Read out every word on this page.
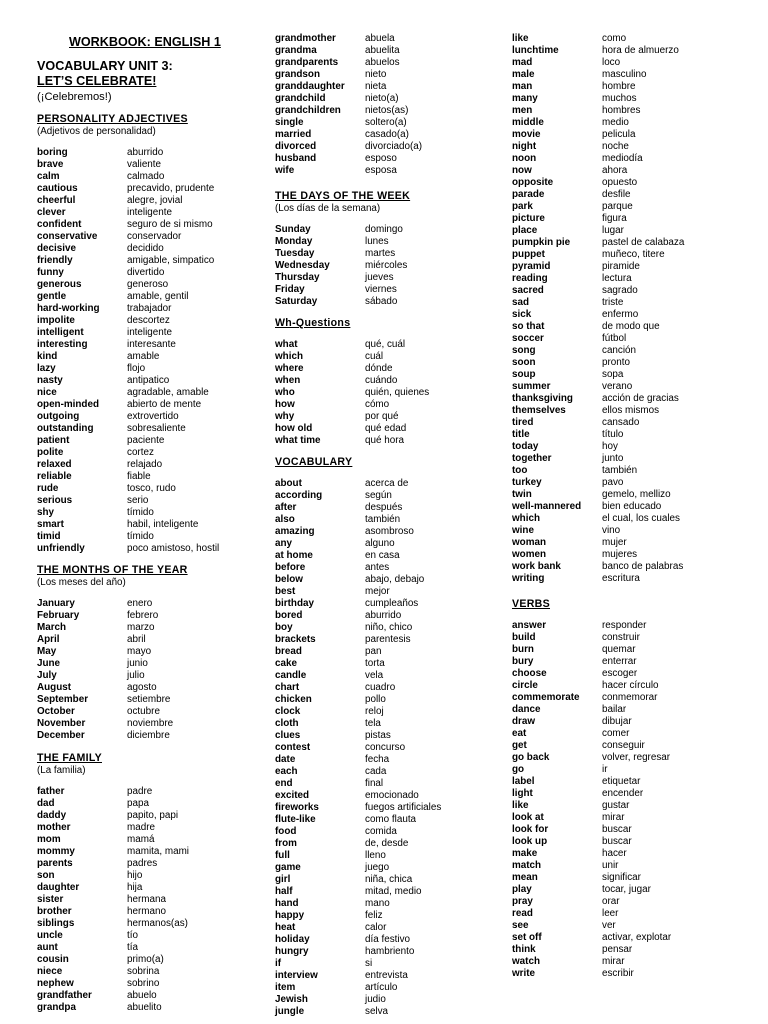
WORKBOOK: ENGLISH 1
VOCABULARY UNIT 3:
LET’S CELEBRATE!
(¡Celebremos!)
PERSONALITY ADJECTIVES
(Adjetivos de personalidad)
boring	aburrido
brave	valiente
calm	calmado
cautious	precavido, prudente
cheerful	alegre, jovial
clever	inteligente
confident	seguro de si mismo
conservative	conservador
decisive	decidido
friendly	amigable, simpatico
funny	divertido
generous	generoso
gentle	amable, gentil
hard-working	trabajador
impolite	descortez
intelligent	inteligente
interesting	interesante
kind	amable
lazy	flojo
nasty	antipatico
nice	agradable, amable
open-minded	abierto de mente
outgoing	extrovertido
outstanding	sobresaliente
patient	paciente
polite	cortez
relaxed	relajado
reliable	fiable
rude	tosco, rudo
serious	serio
shy	tímido
smart	habil, inteligente
timid	tímido
unfriendly	poco amistoso, hostil
THE MONTHS OF THE YEAR
(Los meses del año)
January	enero
February	febrero
March	marzo
April	abril
May	mayo
June	junio
July	julio
August	agosto
September	setiembre
October	octubre
November	noviembre
December	diciembre
THE FAMILY
(La familia)
father	padre
dad	papa
daddy	papito, papi
mother	madre
mom	mamá
mommy	mamita, mami
parents	padres
son	hijo
daughter	hija
sister	hermana
brother	hermano
siblings	hermanos(as)
uncle	tío
aunt	tía
cousin	primo(a)
niece	sobrina
nephew	sobrino
grandfather	abuelo
grandpa	abuelito
grandmother	abuela
grandma	abuelita
grandparents	abuelos
grandson	nieto
granddaughter	nieta
grandchild	nieto(a)
grandchildren	nietos(as)
single	soltero(a)
married	casado(a)
divorced	divorciado(a)
husband	esposo
wife	esposa
THE DAYS OF THE WEEK
(Los días de la semana)
Sunday	domingo
Monday	lunes
Tuesday	martes
Wednesday	miércoles
Thursday	jueves
Friday	viernes
Saturday	sábado
Wh-Questions
what	qué, cuál
which	cuál
where	dónde
when	cuándo
who	quién, quienes
how	cómo
why	por qué
how old	qué edad
what time	qué hora
VOCABULARY
about	acerca de
according	según
after	después
also	también
amazing	asombroso
any	alguno
at home	en casa
before	antes
below	abajo, debajo
best	mejor
birthday	cumpleaños
bored	aburrido
boy	niño, chico
brackets	parentesis
bread	pan
cake	torta
candle	vela
chart	cuadro
chicken	pollo
clock	reloj
cloth	tela
clues	pistas
contest	concurso
date	fecha
each	cada
end	final
excited	emocionado
fireworks	fuegos artificiales
flute-like	como flauta
food	comida
from	de, desde
full	lleno
game	juego
girl	niña, chica
half	mitad, medio
hand	mano
happy	feliz
heat	calor
holiday	día festivo
hungry	hambriento
if	si
interview	entrevista
item	artículo
Jewish	judio
jungle	selva
like	como
lunchtime	hora de almuerzo
mad	loco
male	masculino
man	hombre
many	muchos
men	hombres
middle	medio
movie	pelicula
night	noche
noon	mediodía
now	ahora
opposite	opuesto
parade	desfile
park	parque
picture	figura
place	lugar
pumpkin pie	pastel de calabaza
puppet	muñeco, titere
pyramid	piramide
reading	lectura
sacred	sagrado
sad	triste
sick	enfermo
so that	de modo que
soccer	fútbol
song	canción
soon	pronto
soup	sopa
summer	verano
thanksgiving	acción de gracias
themselves	ellos mismos
tired	cansado
title	título
today	hoy
together	junto
too	también
turkey	pavo
twin	gemelo, mellizo
well-mannered	bien educado
which	el cual, los cuales
wine	vino
woman	mujer
women	mujeres
work bank	banco de palabras
writing	escritura
VERBS
answer	responder
build	construir
burn	quemar
bury	enterrar
choose	escoger
circle	hacer círculo
commemorate	conmemorar
dance	bailar
draw	dibujar
eat	comer
get	conseguir
go back	volver, regresar
go	ir
label	etiquetar
light	encender
like	gustar
look at	mirar
look for	buscar
look up	buscar
make	hacer
match	unir
mean	significar
play	tocar, jugar
pray	orar
read	leer
see	ver
set off	activar, explotar
think	pensar
watch	mirar
write	escribir
